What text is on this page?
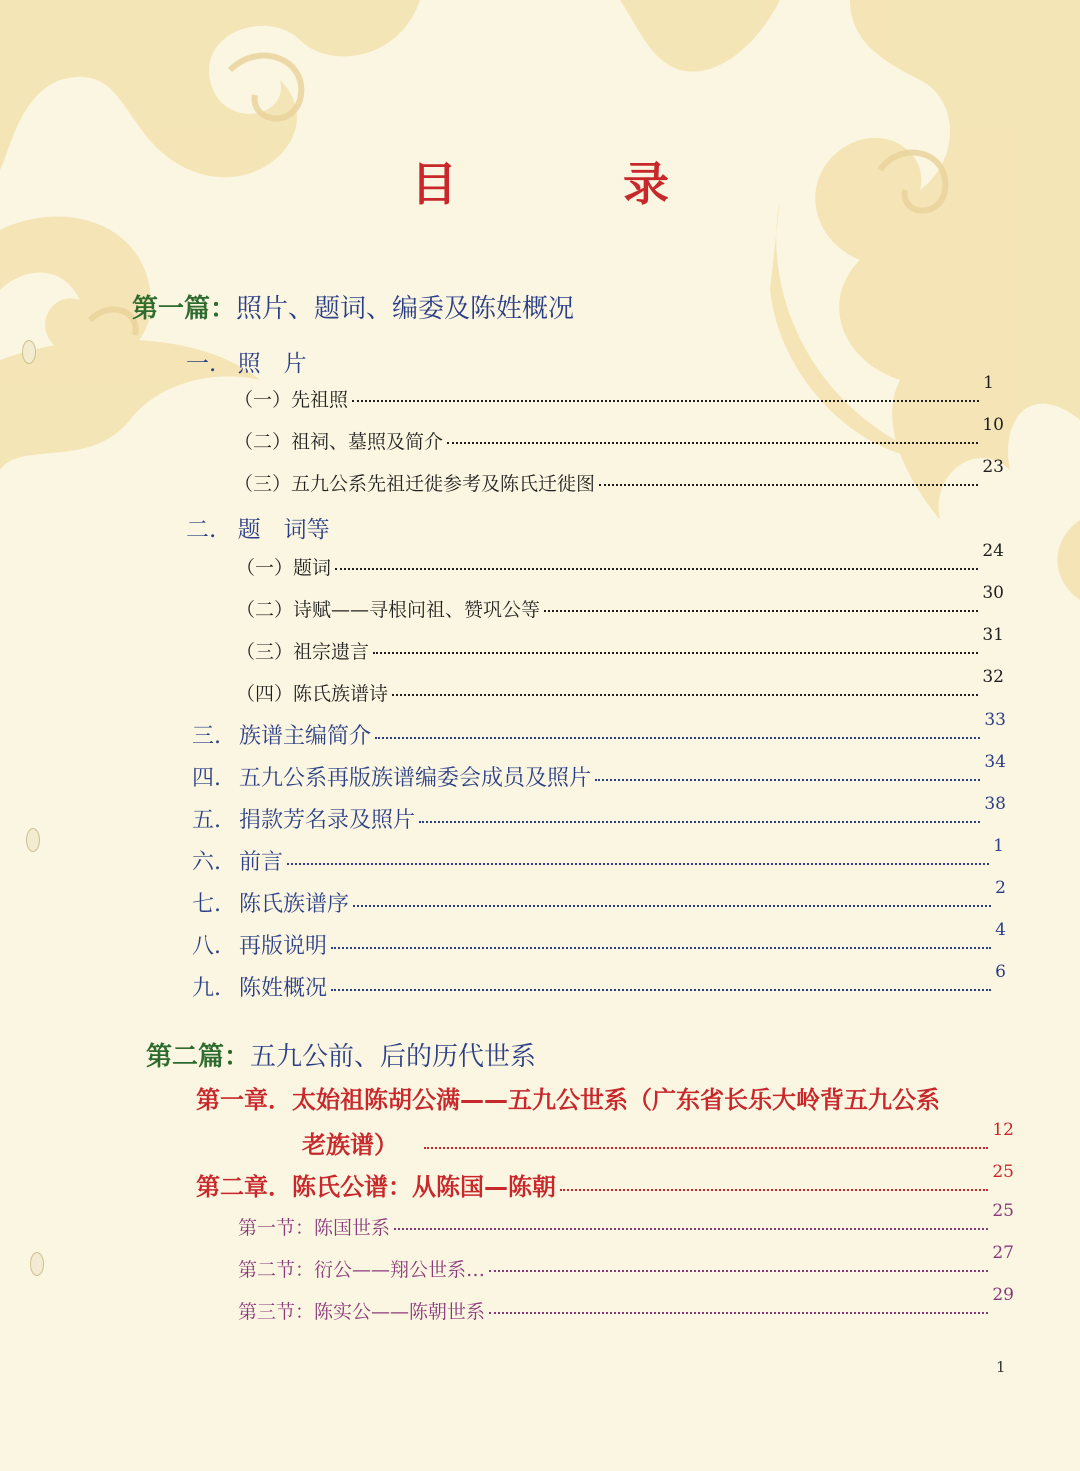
目　录
第一篇：照片、题词、编委及陈姓概况
一. 照　片
（一）先祖照
1
（二）祖祠、墓照及简介
10
（三）五九公系先祖迁徙参考及陈氏迁徙图
23
二. 题　词等
（一）题词
24
（二）诗赋——寻根问祖、赞巩公等
30
（三）祖宗遗言
31
（四）陈氏族谱诗
32
三. 族谱主编简介
33
四. 五九公系再版族谱编委会成员及照片
34
五. 捐款芳名录及照片
38
六. 前言
1
七. 陈氏族谱序
2
八. 再版说明
4
九. 陈姓概况
6
第二篇：五九公前、后的历代世系
第一章．太始祖陈胡公满——五九公世系（广东省长乐大岭背五九公系
老族谱）
12
第二章．陈氏公谱：从陈国—陈朝
25
第一节：陈国世系
25
第二节：衍公——翔公世系…
27
第三节：陈实公——陈朝世系
29
1
